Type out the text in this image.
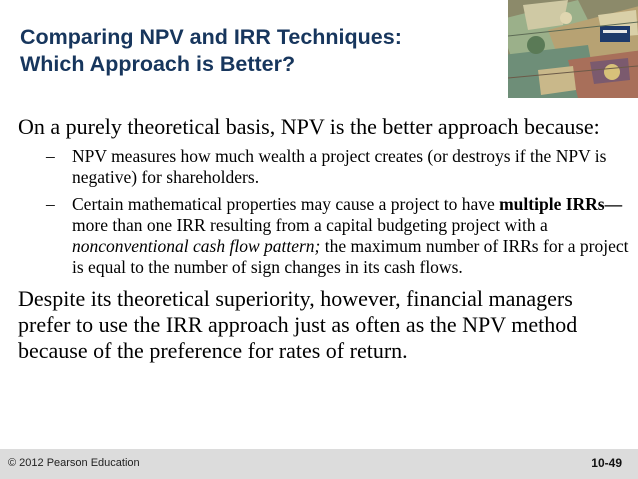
Comparing NPV and IRR Techniques:
Which Approach is Better?

On a purely theoretical basis, NPV is the better approach because:

– NPV measures how much wealth a project creates (or destroys if the NPV is negative) for shareholders.
– Certain mathematical properties may cause a project to have multiple IRRs—more than one IRR resulting from a capital budgeting project with a nonconventional cash flow pattern; the maximum number of IRRs for a project is equal to the number of sign changes in its cash flows.

Despite its theoretical superiority, however, financial managers prefer to use the IRR approach just as often as the NPV method because of the preference for rates of return.

© 2012 Pearson Education	10-49
